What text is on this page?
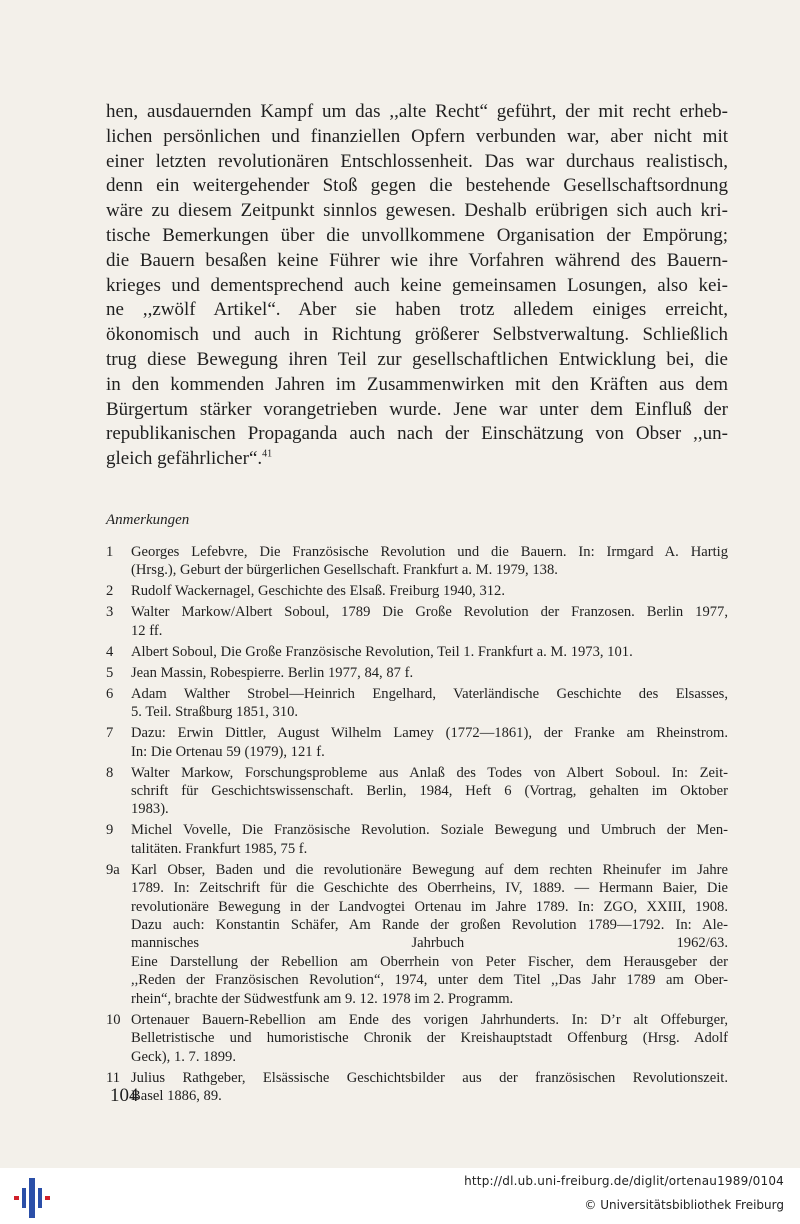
hen, ausdauernden Kampf um das ,,alte Recht“ geführt, der mit recht erheb-
lichen persönlichen und finanziellen Opfern verbunden war, aber nicht mit
einer letzten revolutionären Entschlossenheit. Das war durchaus realistisch,
denn ein weitergehender Stoß gegen die bestehende Gesellschaftsordnung
wäre zu diesem Zeitpunkt sinnlos gewesen. Deshalb erübrigen sich auch kri-
tische Bemerkungen über die unvollkommene Organisation der Empörung;
die Bauern besaßen keine Führer wie ihre Vorfahren während des Bauern-
krieges und dementsprechend auch keine gemeinsamen Losungen, also kei-
ne ,,zwölf Artikel“. Aber sie haben trotz alledem einiges erreicht,
ökonomisch und auch in Richtung größerer Selbstverwaltung. Schließlich
trug diese Bewegung ihren Teil zur gesellschaftlichen Entwicklung bei, die
in den kommenden Jahren im Zusammenwirken mit den Kräften aus dem
Bürgertum stärker vorangetrieben wurde. Jene war unter dem Einfluß der
republikanischen Propaganda auch nach der Einschätzung von Obser ,,un-
gleich gefährlicher“.$^{41}$
Anmerkungen
1 Georges Lefebvre, Die Französische Revolution und die Bauern. In: Irmgard A. Hartig
(Hrsg.), Geburt der bürgerlichen Gesellschaft. Frankfurt a. M. 1979, 138.
2 Rudolf Wackernagel, Geschichte des Elsaß. Freiburg 1940, 312.
3 Walter Markow/Albert Soboul, 1789 Die Große Revolution der Franzosen. Berlin 1977,
12 ff.
4 Albert Soboul, Die Große Französische Revolution, Teil 1. Frankfurt a. M. 1973, 101.
5 Jean Massin, Robespierre. Berlin 1977, 84, 87 f.
6 Adam Walther Strobel—Heinrich Engelhard, Vaterländische Geschichte des Elsasses,
5. Teil. Straßburg 1851, 310.
7 Dazu: Erwin Dittler, August Wilhelm Lamey (1772—1861), der Franke am Rheinstrom.
In: Die Ortenau 59 (1979), 121 f.
8 Walter Markow, Forschungsprobleme aus Anlaß des Todes von Albert Soboul. In: Zeit-
schrift für Geschichtswissenschaft. Berlin, 1984, Heft 6 (Vortrag, gehalten im Oktober
1983).
9 Michel Vovelle, Die Französische Revolution. Soziale Bewegung und Umbruch der Men-
talitäten. Frankfurt 1985, 75 f.
9a Karl Obser, Baden und die revolutionäre Bewegung auf dem rechten Rheinufer im Jahre
1789. In: Zeitschrift für die Geschichte des Oberrheins, IV, 1889. — Hermann Baier, Die
revolutionäre Bewegung in der Landvogtei Ortenau im Jahre 1789. In: ZGO, XXIII, 1908.
Dazu auch: Konstantin Schäfer, Am Rande der großen Revolution 1789—1792. In: Ale-
mannisches Jahrbuch 1962/63.
Eine Darstellung der Rebellion am Oberrhein von Peter Fischer, dem Herausgeber der
,,Reden der Französischen Revolution“, 1974, unter dem Titel ,,Das Jahr 1789 am Ober-
rhein“, brachte der Südwestfunk am 9. 12. 1978 im 2. Programm.
10 Ortenauer Bauern-Rebellion am Ende des vorigen Jahrhunderts. In: D’r alt Offeburger,
Belletristische und humoristische Chronik der Kreishauptstadt Offenburg (Hrsg. Adolf
Geck), 1. 7. 1899.
11 Julius Rathgeber, Elsässische Geschichtsbilder aus der französischen Revolutionszeit.
Basel 1886, 89.
104
http://dl.ub.uni-freiburg.de/diglit/ortenau1989/0104
© Universitätsbibliothek Freiburg
